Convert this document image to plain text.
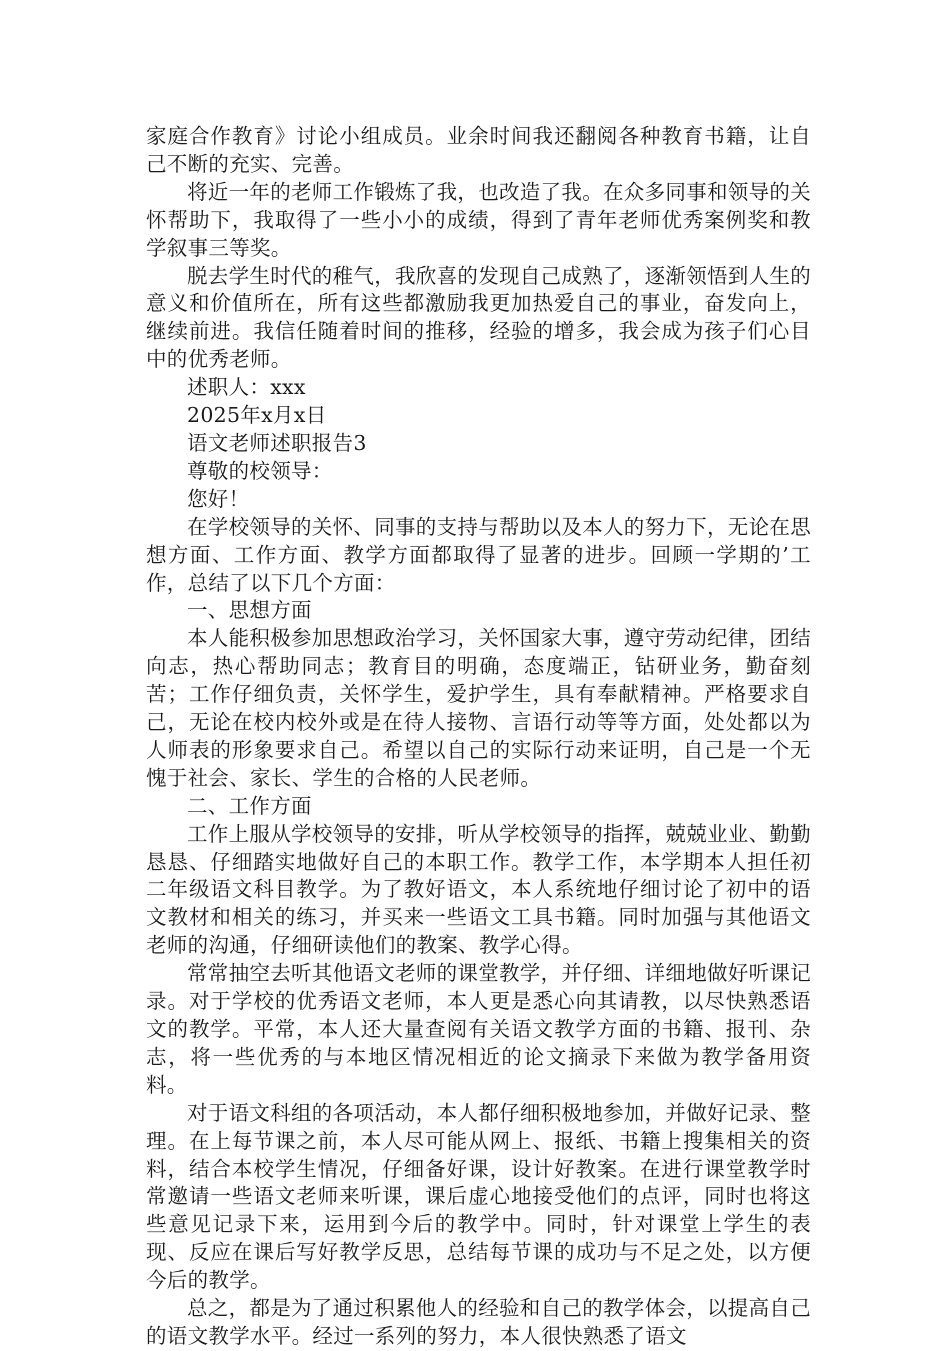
家庭合作教育》讨论小组成员。业余时间我还翻阅各种教育书籍，让自己不断的充实、完善。

将近一年的老师工作锻炼了我，也改造了我。在众多同事和领导的关怀帮助下，我取得了一些小小的成绩，得到了青年老师优秀案例奖和教学叙事三等奖。

脱去学生时代的稚气，我欣喜的发现自己成熟了，逐渐领悟到人生的意义和价值所在，所有这些都激励我更加热爱自己的事业，奋发向上，继续前进。我信任随着时间的推移，经验的增多，我会成为孩子们心目中的优秀老师。

述职人：xxx

2025年x月x日

语文老师述职报告3

尊敬的校领导：

您好！

在学校领导的关怀、同事的支持与帮助以及本人的努力下，无论在思想方面、工作方面、教学方面都取得了显著的进步。回顾一学期的’工作，总结了以下几个方面：

一、思想方面

本人能积极参加思想政治学习，关怀国家大事，遵守劳动纪律，团结向志，热心帮助同志；教育目的明确，态度端正，钻研业务，勤奋刻苦；工作仔细负责，关怀学生，爱护学生，具有奉献精神。严格要求自己，无论在校内校外或是在待人接物、言语行动等等方面，处处都以为人师表的形象要求自己。希望以自己的实际行动来证明，自己是一个无愧于社会、家长、学生的合格的人民老师。

二、工作方面

工作上服从学校领导的安排，听从学校领导的指挥，兢兢业业、勤勤恳恳、仔细踏实地做好自己的本职工作。教学工作，本学期本人担任初二年级语文科目教学。为了教好语文，本人系统地仔细讨论了初中的语文教材和相关的练习，并买来一些语文工具书籍。同时加强与其他语文老师的沟通，仔细研读他们的教案、教学心得。

常常抽空去听其他语文老师的课堂教学，并仔细、详细地做好听课记录。对于学校的优秀语文老师，本人更是悉心向其请教，以尽快熟悉语文的教学。平常，本人还大量查阅有关语文教学方面的书籍、报刊、杂志，将一些优秀的与本地区情况相近的论文摘录下来做为教学备用资料。

对于语文科组的各项活动，本人都仔细积极地参加，并做好记录、整理。在上每节课之前，本人尽可能从网上、报纸、书籍上搜集相关的资料，结合本校学生情况，仔细备好课，设计好教案。在进行课堂教学时常邀请一些语文老师来听课，课后虚心地接受他们的点评，同时也将这些意见记录下来，运用到今后的教学中。同时，针对课堂上学生的表现、反应在课后写好教学反思，总结每节课的成功与不足之处，以方便今后的教学。

总之，都是为了通过积累他人的经验和自己的教学体会，以提高自己的语文教学水平。经过一系列的努力，本人很快熟悉了语文
